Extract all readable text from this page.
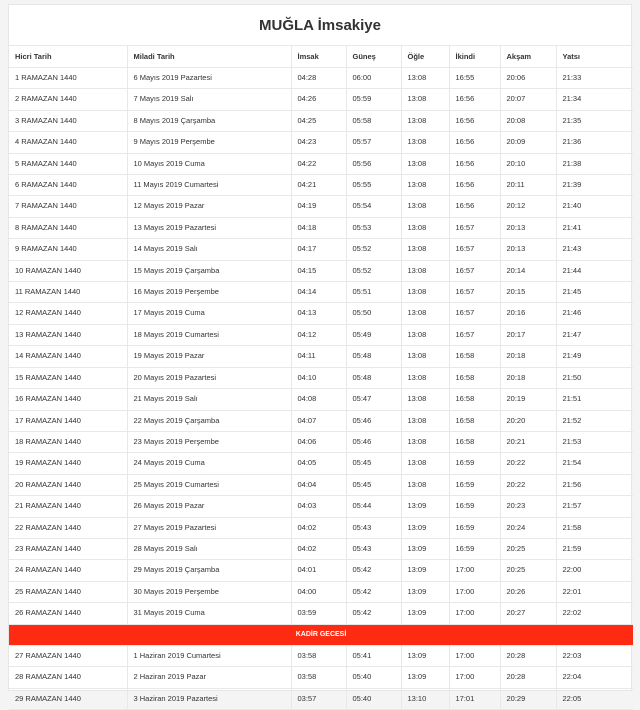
MUĞLA İmsakiye
Hicri Tarih	Miladi Tarih	İmsak	Güneş	Öğle	İkindi	Akşam	Yatsı
1 RAMAZAN 1440	6 Mayıs 2019 Pazartesi	04:28	06:00	13:08	16:55	20:06	21:33
2 RAMAZAN 1440	7 Mayıs 2019 Salı	04:26	05:59	13:08	16:56	20:07	21:34
3 RAMAZAN 1440	8 Mayıs 2019 Çarşamba	04:25	05:58	13:08	16:56	20:08	21:35
4 RAMAZAN 1440	9 Mayıs 2019 Perşembe	04:23	05:57	13:08	16:56	20:09	21:36
5 RAMAZAN 1440	10 Mayıs 2019 Cuma	04:22	05:56	13:08	16:56	20:10	21:38
6 RAMAZAN 1440	11 Mayıs 2019 Cumartesi	04:21	05:55	13:08	16:56	20:11	21:39
7 RAMAZAN 1440	12 Mayıs 2019 Pazar	04:19	05:54	13:08	16:56	20:12	21:40
8 RAMAZAN 1440	13 Mayıs 2019 Pazartesi	04:18	05:53	13:08	16:57	20:13	21:41
9 RAMAZAN 1440	14 Mayıs 2019 Salı	04:17	05:52	13:08	16:57	20:13	21:43
10 RAMAZAN 1440	15 Mayıs 2019 Çarşamba	04:15	05:52	13:08	16:57	20:14	21:44
11 RAMAZAN 1440	16 Mayıs 2019 Perşembe	04:14	05:51	13:08	16:57	20:15	21:45
12 RAMAZAN 1440	17 Mayıs 2019 Cuma	04:13	05:50	13:08	16:57	20:16	21:46
13 RAMAZAN 1440	18 Mayıs 2019 Cumartesi	04:12	05:49	13:08	16:57	20:17	21:47
14 RAMAZAN 1440	19 Mayıs 2019 Pazar	04:11	05:48	13:08	16:58	20:18	21:49
15 RAMAZAN 1440	20 Mayıs 2019 Pazartesi	04:10	05:48	13:08	16:58	20:18	21:50
16 RAMAZAN 1440	21 Mayıs 2019 Salı	04:08	05:47	13:08	16:58	20:19	21:51
17 RAMAZAN 1440	22 Mayıs 2019 Çarşamba	04:07	05:46	13:08	16:58	20:20	21:52
18 RAMAZAN 1440	23 Mayıs 2019 Perşembe	04:06	05:46	13:08	16:58	20:21	21:53
19 RAMAZAN 1440	24 Mayıs 2019 Cuma	04:05	05:45	13:08	16:59	20:22	21:54
20 RAMAZAN 1440	25 Mayıs 2019 Cumartesi	04:04	05:45	13:08	16:59	20:22	21:56
21 RAMAZAN 1440	26 Mayıs 2019 Pazar	04:03	05:44	13:09	16:59	20:23	21:57
22 RAMAZAN 1440	27 Mayıs 2019 Pazartesi	04:02	05:43	13:09	16:59	20:24	21:58
23 RAMAZAN 1440	28 Mayıs 2019 Salı	04:02	05:43	13:09	16:59	20:25	21:59
24 RAMAZAN 1440	29 Mayıs 2019 Çarşamba	04:01	05:42	13:09	17:00	20:25	22:00
25 RAMAZAN 1440	30 Mayıs 2019 Perşembe	04:00	05:42	13:09	17:00	20:26	22:01
26 RAMAZAN 1440	31 Mayıs 2019 Cuma	03:59	05:42	13:09	17:00	20:27	22:02
KADİR GECESİ							
27 RAMAZAN 1440	1 Haziran 2019 Cumartesi	03:58	05:41	13:09	17:00	20:28	22:03
28 RAMAZAN 1440	2 Haziran 2019 Pazar	03:58	05:40	13:09	17:00	20:28	22:04
29 RAMAZAN 1440	3 Haziran 2019 Pazartesi	03:57	05:40	13:10	17:01	20:29	22:05
